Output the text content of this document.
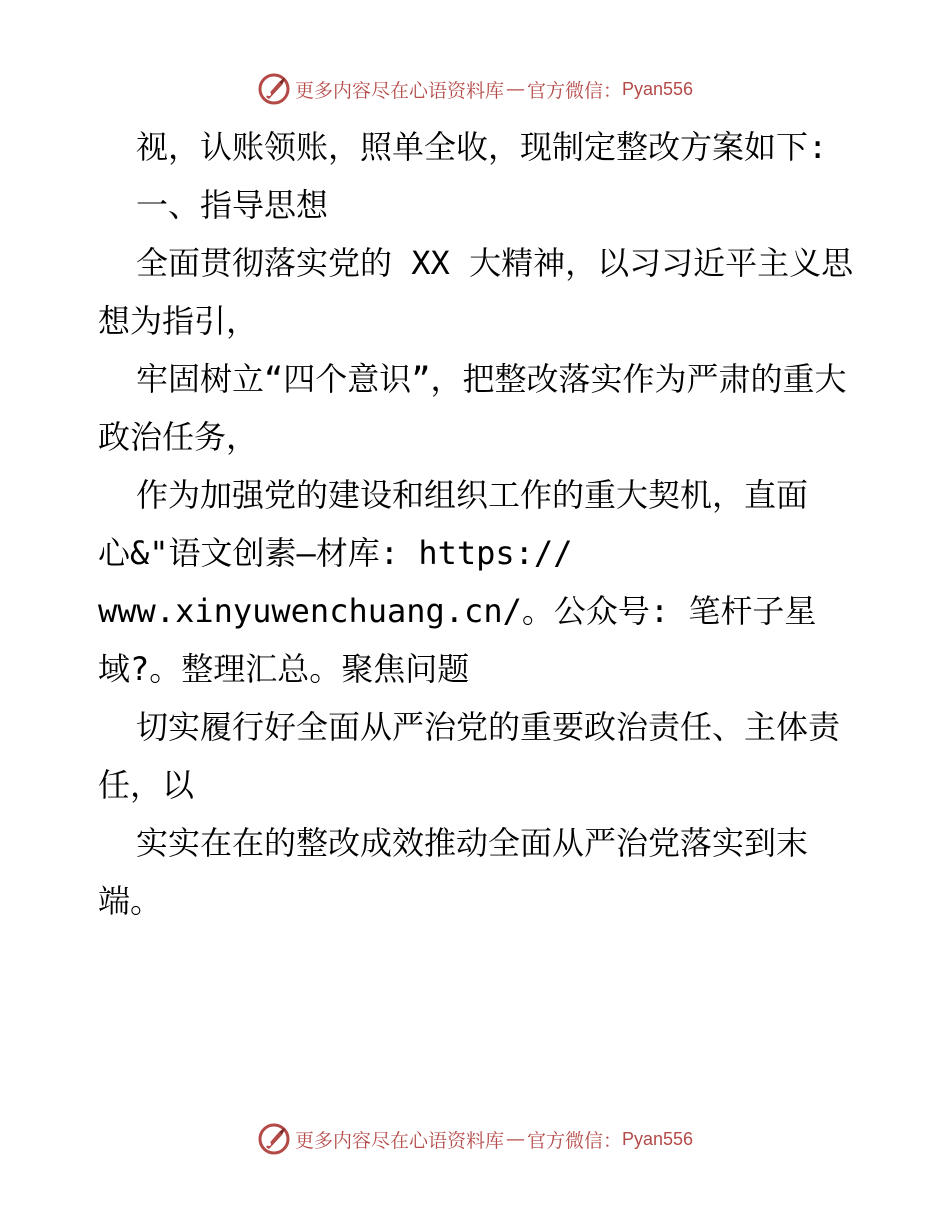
更多内容尽在心语资料库 — 官方微信： Pyan556

视，认账领账，照单全收，现制定整改方案如下:

一、指导思想

全面贯彻落实党的 XX 大精神，以习习近平主义思想为指引，

牢固树立“四个意识”，把整改落实作为严肃的重大政治任务，

作为加强党的建设和组织工作的重大契机，直面

心&"语文创素—材库: https://

www.xinyuwenchuang.cn/。公众号: 笔杆子星

域?。整理汇总。聚焦问题

切实履行好全面从严治党的重要政治责任、主体责任，以

实实在在的整改成效推动全面从严治党落实到末端。

更多内容尽在心语资料库 — 官方微信： Pyan556
